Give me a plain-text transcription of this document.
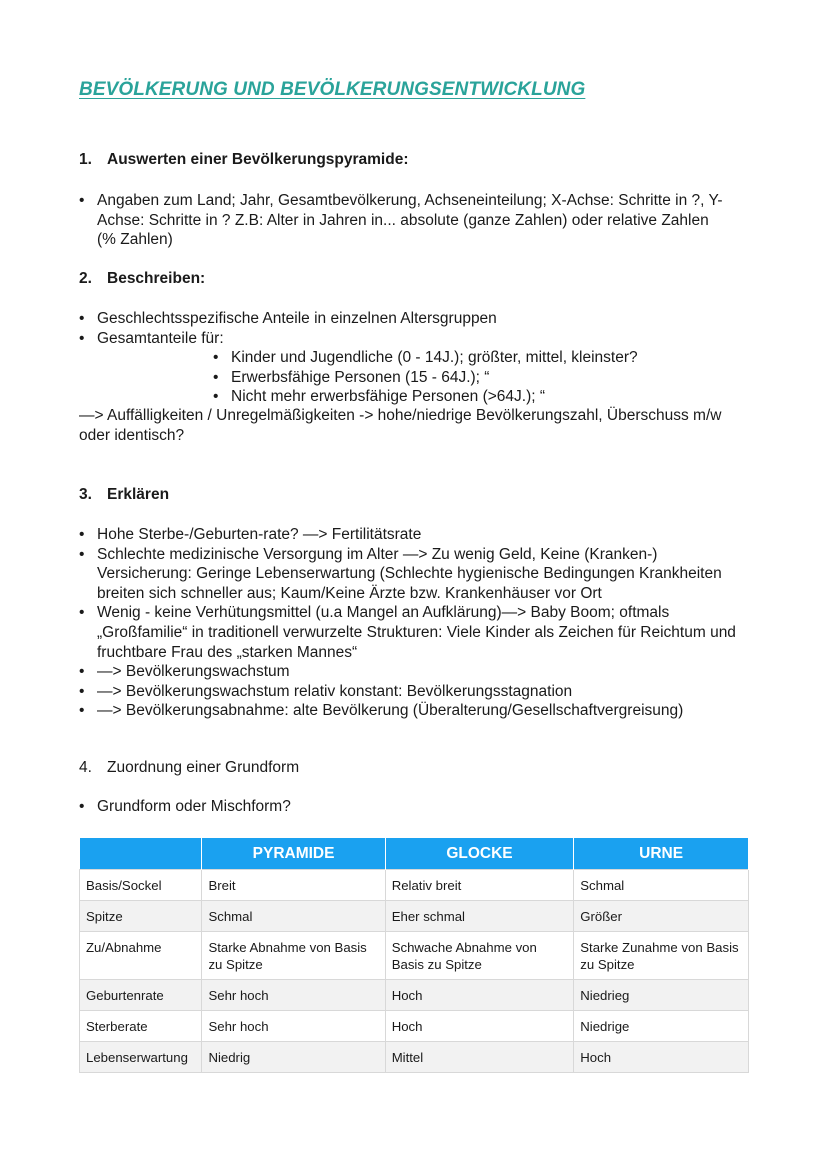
BEVÖLKERUNG UND BEVÖLKERUNGSENTWICKLUNG
1. Auswerten einer Bevölkerungspyramide:
• Angaben zum Land; Jahr, Gesamtbevölkerung, Achseneinteilung; X-Achse: Schritte in ?, Y-Achse: Schritte in ? Z.B: Alter in Jahren in... absolute (ganze Zahlen) oder relative Zahlen (% Zahlen)
2. Beschreiben:
• Geschlechtsspezifische Anteile in einzelnen Altersgruppen
• Gesamtanteile für:
• Kinder und Jugendliche (0 - 14J.); größter, mittel, kleinster?
• Erwerbsfähige Personen (15 - 64J.); “
• Nicht mehr erwerbsfähige Personen (>64J.); “
—> Auffälligkeiten / Unregelmäßigkeiten -> hohe/niedrige Bevölkerungszahl, Überschuss m/w oder identisch?
3. Erklären
• Hohe Sterbe-/Geburten-rate? —> Fertilitätsrate
• Schlechte medizinische Versorgung im Alter —> Zu wenig Geld, Keine (Kranken-) Versicherung: Geringe Lebenserwartung (Schlechte hygienische Bedingungen Krankheiten breiten sich schneller aus; Kaum/Keine Ärzte bzw. Krankenhäuser vor Ort
• Wenig - keine Verhütungsmittel (u.a Mangel an Aufklärung)—> Baby Boom; oftmals „Großfamilie“ in traditionell verwurzelte Strukturen: Viele Kinder als Zeichen für Reichtum und fruchtbare Frau des „starken Mannes“
• —> Bevölkerungswachstum
• —> Bevölkerungswachstum relativ konstant: Bevölkerungsstagnation
• —> Bevölkerungsabnahme: alte Bevölkerung (Überalterung/Gesellschaftvergreisung)
4. Zuordnung einer Grundform
• Grundform oder Mischform?
	PYRAMIDE	GLOCKE	URNE
Basis/Sockel	Breit	Relativ breit	Schmal
Spitze	Schmal	Eher schmal	Größer
Zu/Abnahme	Starke Abnahme von Basis zu Spitze	Schwache Abnahme von Basis zu Spitze	Starke Zunahme von Basis zu Spitze
Geburtenrate	Sehr hoch	Hoch	Niedrieg
Sterberate	Sehr hoch	Hoch	Niedrige
Lebenserwartung	Niedrig	Mittel	Hoch
